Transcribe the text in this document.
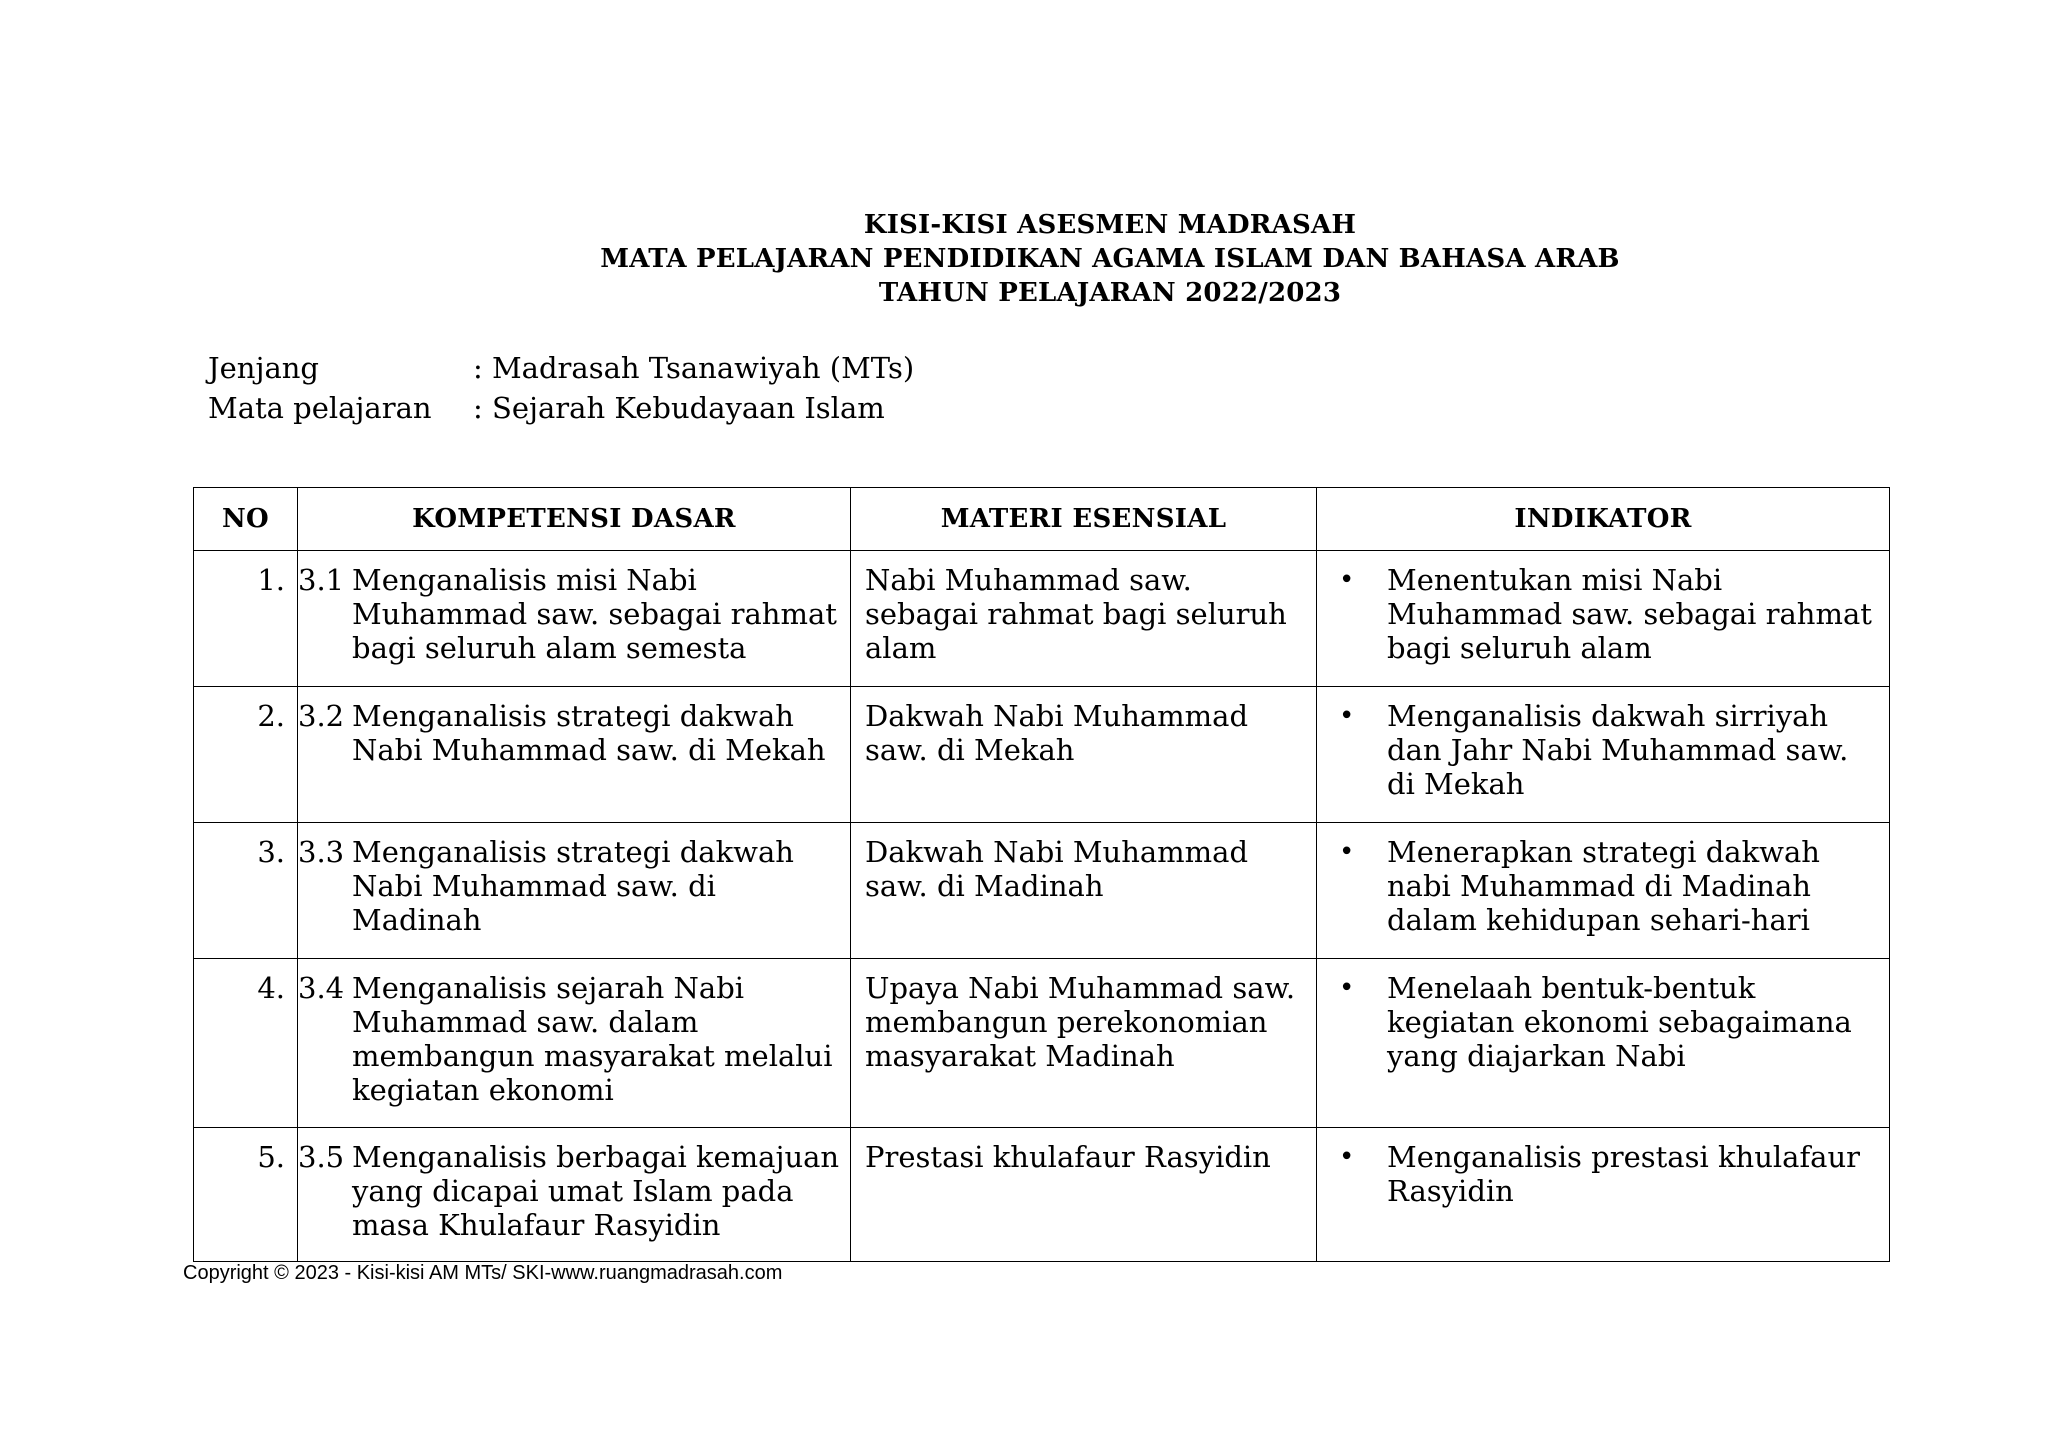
KISI-KISI ASESMEN MADRASAH
MATA PELAJARAN PENDIDIKAN AGAMA ISLAM DAN BAHASA ARAB
TAHUN PELAJARAN 2022/2023
Jenjang	: Madrasah Tsanawiyah (MTs)
Mata pelajaran	: Sejarah Kebudayaan Islam
NO	KOMPETENSI DASAR	MATERI ESENSIAL	INDIKATOR
1.	3.1 Menganalisis misi Nabi Muhammad saw. sebagai rahmat bagi seluruh alam semesta	Nabi Muhammad saw. sebagai rahmat bagi seluruh alam	• Menentukan misi Nabi Muhammad saw. sebagai rahmat bagi seluruh alam

2.	3.2 Menganalisis strategi dakwah Nabi Muhammad saw. di Mekah	Dakwah Nabi Muhammad saw. di Mekah	• Menganalisis dakwah sirriyah dan Jahr Nabi Muhammad saw. di Mekah

3.	3.3 Menganalisis strategi dakwah Nabi Muhammad saw. di Madinah	Dakwah Nabi Muhammad saw. di Madinah	• Menerapkan strategi dakwah nabi Muhammad di Madinah dalam kehidupan sehari-hari

4.	3.4 Menganalisis sejarah Nabi Muhammad saw. dalam membangun masyarakat melalui kegiatan ekonomi	Upaya Nabi Muhammad saw. membangun perekonomian masyarakat Madinah	• Menelaah bentuk-bentuk kegiatan ekonomi sebagaimana yang diajarkan Nabi

5.	3.5 Menganalisis berbagai kemajuan yang dicapai umat Islam pada masa Khulafaur Rasyidin	Prestasi khulafaur Rasyidin	• Menganalisis prestasi khulafaur Rasyidin
Copyright © 2023 - Kisi-kisi AM MTs/ SKI-www.ruangmadrasah.com
